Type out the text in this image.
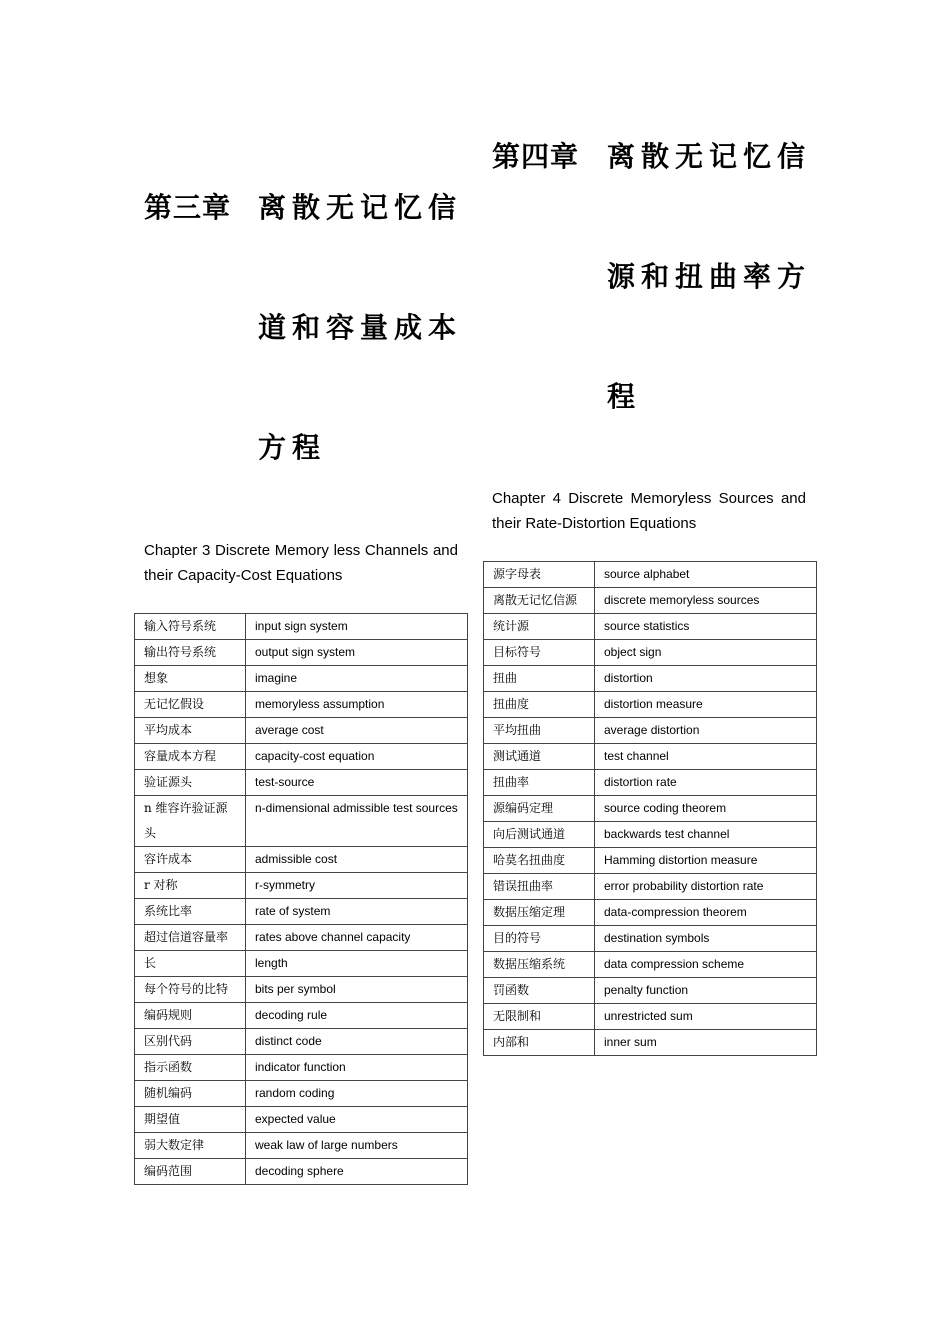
第三章 离散无记忆信
道和容量成本
方程
第四章 离散无记忆信
源和扭曲率方
程
Chapter 3 Discrete Memory less Channels and their Capacity-Cost Equations
Chapter 4 Discrete Memoryless Sources and their Rate-Distortion Equations
输入符号系统	input sign system
输出符号系统	output sign system
想象	imagine
无记忆假设	memoryless assumption
平均成本	average cost
容量成本方程	capacity-cost equation
验证源头	test-source
n 维容许验证源头	n-dimensional admissible test sources
容许成本	admissible cost
r 对称	r-symmetry
系统比率	rate of system
超过信道容量率	rates above channel capacity
长	length
每个符号的比特	bits per symbol
编码规则	decoding rule
区别代码	distinct code
指示函数	indicator function
随机编码	random coding
期望值	expected value
弱大数定律	weak law of large numbers
编码范围	decoding sphere
源字母表	source alphabet
离散无记忆信源	discrete memoryless sources
统计源	source statistics
目标符号	object sign
扭曲	distortion
扭曲度	distortion measure
平均扭曲	average distortion
测试通道	test channel
扭曲率	distortion rate
源编码定理	source coding theorem
向后测试通道	backwards test channel
哈莫名扭曲度	Hamming distortion measure
错误扭曲率	error probability distortion rate
数据压缩定理	data-compression theorem
目的符号	destination symbols
数据压缩系统	data compression scheme
罚函数	penalty function
无限制和	unrestricted sum
内部和	inner sum
